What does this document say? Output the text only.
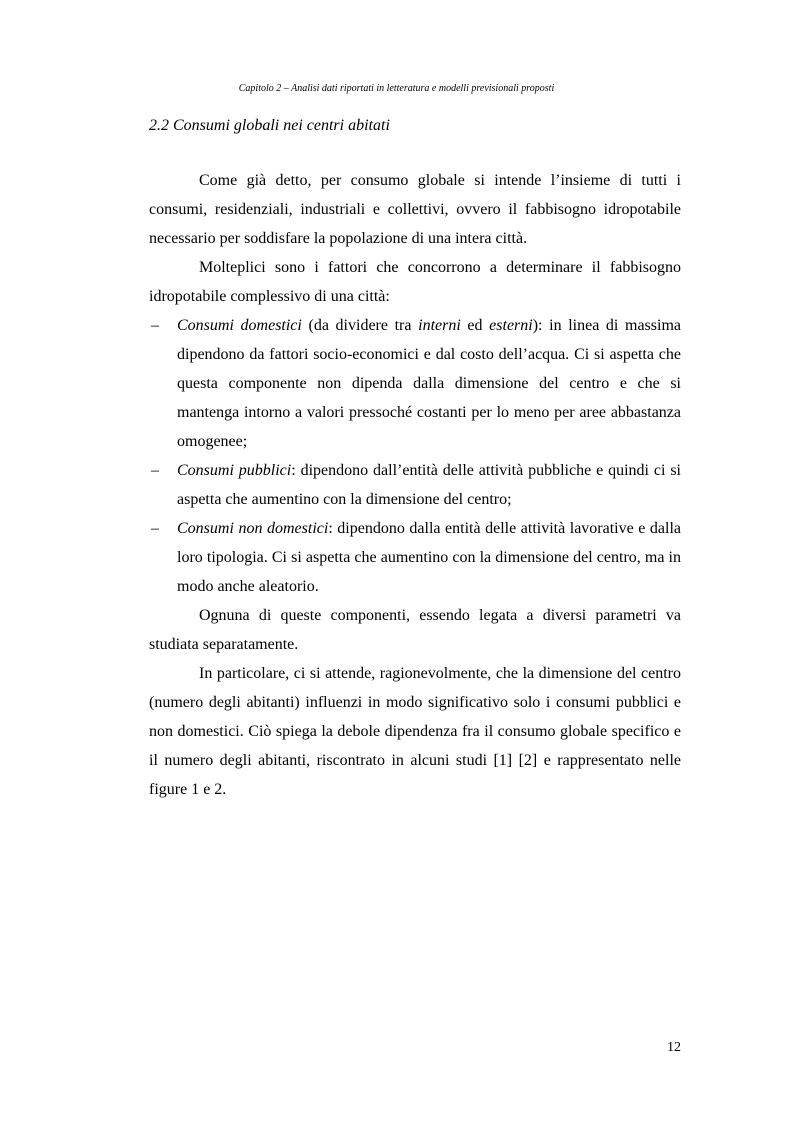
Capitolo 2 – Analisi dati riportati in letteratura e modelli previsionali proposti
2.2 Consumi globali nei centri abitati

Come già detto, per consumo globale si intende l’insieme di tutti i consumi, residenziali, industriali e collettivi, ovvero il fabbisogno idropotabile necessario per soddisfare la popolazione di una intera città.

Molteplici sono i fattori che concorrono a determinare il fabbisogno idropotabile complessivo di una città:

– Consumi domestici (da dividere tra interni ed esterni): in linea di massima dipendono da fattori socio-economici e dal costo dell’acqua. Ci si aspetta che questa componente non dipenda dalla dimensione del centro e che si mantenga intorno a valori pressoché costanti per lo meno per aree abbastanza omogenee;
– Consumi pubblici: dipendono dall’entità delle attività pubbliche e quindi ci si aspetta che aumentino con la dimensione del centro;
– Consumi non domestici: dipendono dalla entità delle attività lavorative e dalla loro tipologia. Ci si aspetta che aumentino con la dimensione del centro, ma in modo anche aleatorio.

Ognuna di queste componenti, essendo legata a diversi parametri va studiata separatamente.

In particolare, ci si attende, ragionevolmente, che la dimensione del centro (numero degli abitanti) influenzi in modo significativo solo i consumi pubblici e non domestici. Ciò spiega la debole dipendenza fra il consumo globale specifico e il numero degli abitanti, riscontrato in alcuni studi [1] [2] e rappresentato nelle figure 1 e 2.

12
